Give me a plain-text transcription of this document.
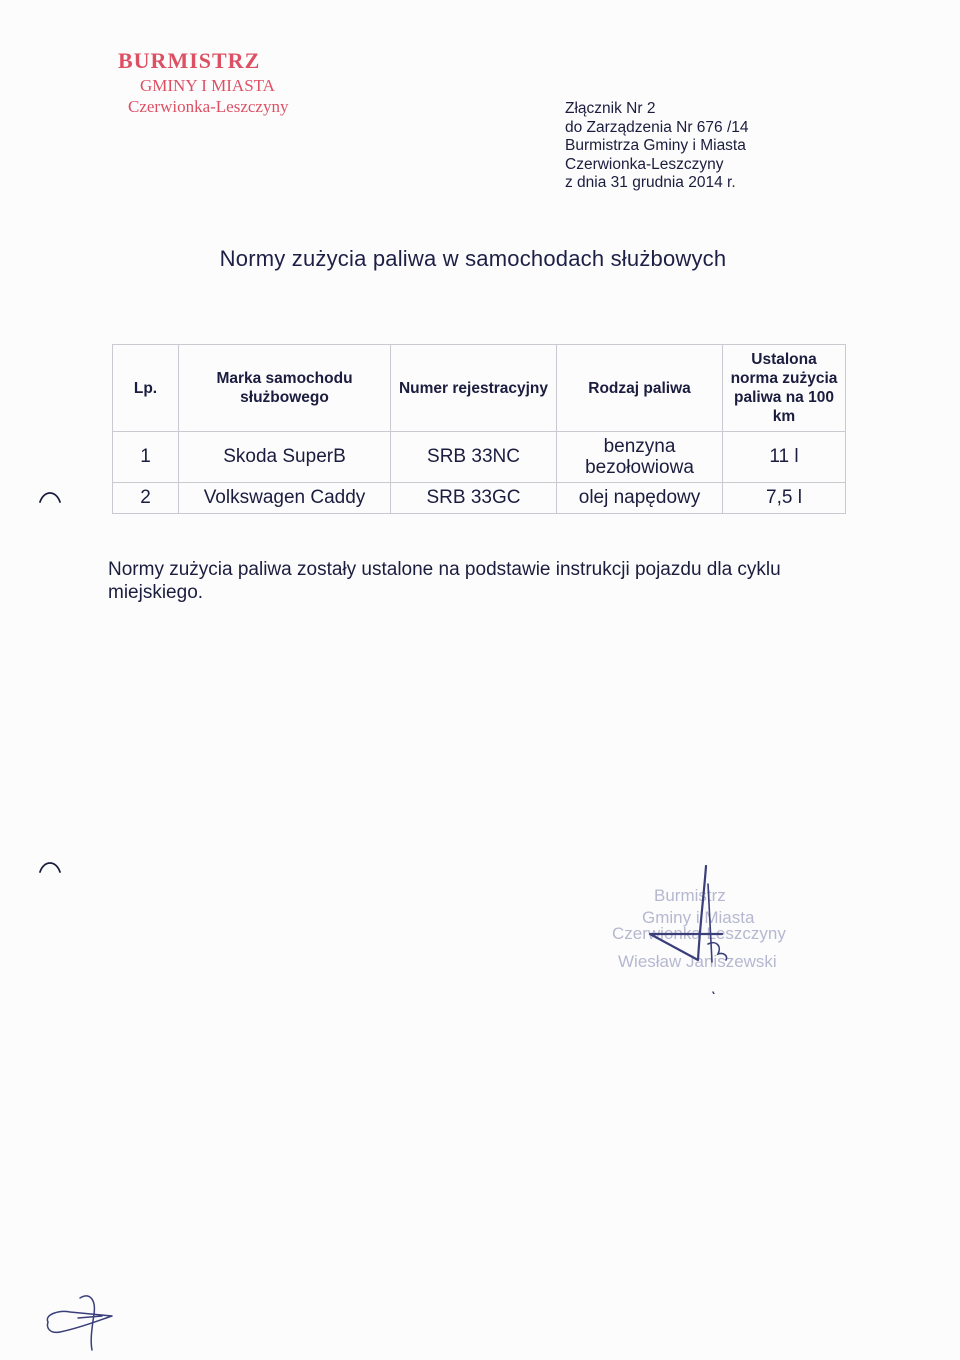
BURMISTRZ
GMINY I MIASTA
Czerwionka-Leszczyny	Złącznik Nr 2
do Zarządzenia Nr 676 /14
Burmistrza Gminy i Miasta
Czerwionka-Leszczyny
z dnia 31 grudnia 2014 r.
Normy zużycia paliwa w samochodach służbowych
Lp.	Marka samochodu służbowego	Numer rejestracyjny	Rodzaj paliwa	Ustalona norma zużycia paliwa na 100 km
1	Skoda SuperB	SRB 33NC	benzyna bezołowiowa	11 l
2	Volkswagen Caddy	SRB 33GC	olej napędowy	7,5 l
Normy zużycia paliwa zostały ustalone na podstawie instrukcji pojazdu dla cyklu miejskiego.
Burmistrz
Gminy i Miasta
Czerwionka-Leszczyny
Wiesław Janiszewski
